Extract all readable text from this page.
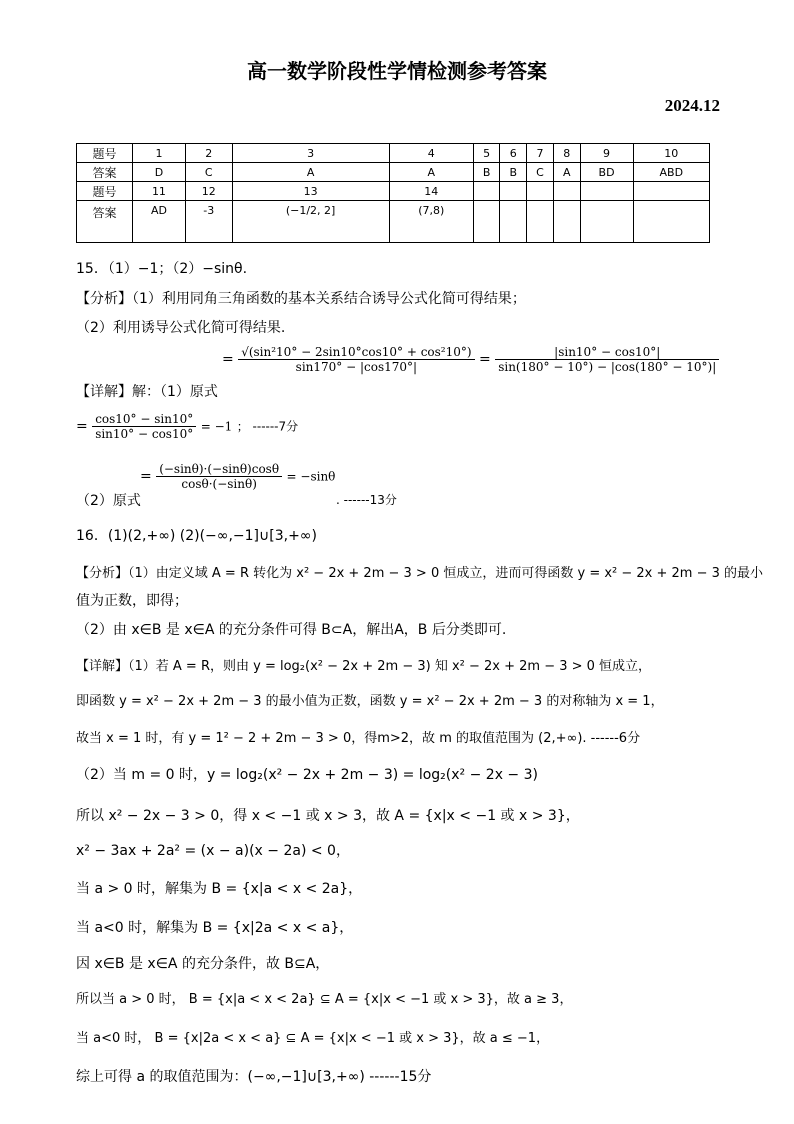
高一数学阶段性学情检测参考答案
2024.12
题号	1	2	3	4	5	6	7	8	9	10
答案	D	C	A	A	B	B	C	A	BD	ABD
题号	11	12	13	14						
答案	AD	-3	(−1/2, 2]	(7,8)						
15．（1）−1；（2）−sinθ.
【分析】（1）利用同角三角函数的基本关系结合诱导公式化简可得结果；
（2）利用诱导公式化简可得结果.
【详解】解：（1）原式
= $\frac{\text{√(sin²10° − 2sin10°cos10° + cos²10°)}}{\sin 170^\circ - |\cos 170^\circ|} = \frac{|\sin 10^\circ - \cos 10^\circ|}{\sin(180^\circ - 10^\circ) - |\cos(180^\circ - 10^\circ)|}$
= $\frac{\cos 10^\circ - \sin 10^\circ}{\sin 10^\circ - \cos 10^\circ} = -1$ ； ------7分
（2）原式
= $\frac{(-\sin\theta)\cdot(-\sin\theta)\cos\theta}{\cos\theta\cdot(-\sin\theta)} = -\sin\theta$
. ------13分
16．(1)(2,+∞) (2)(−∞,−1]∪[3,+∞)
【分析】（1）由定义域 A = R 转化为 x² − 2x + 2m − 3 > 0 恒成立，进而可得函数 y = x² − 2x + 2m − 3 的最小
值为正数，即得；
（2）由 x∈B 是 x∈A 的充分条件可得 B⊂A，解出A，B 后分类即可.
【详解】（1）若 A = R，则由 y = log₂(x² − 2x + 2m − 3) 知 x² − 2x + 2m − 3 > 0 恒成立，
即函数 y = x² − 2x + 2m − 3 的最小值为正数，函数 y = x² − 2x + 2m − 3 的对称轴为 x = 1，
故当 x = 1 时，有 y = 1² − 2 + 2m − 3 > 0，得m>2，故 m 的取值范围为 (2,+∞). ------6分
（2）当 m = 0 时，y = log₂(x² − 2x + 2m − 3) = log₂(x² − 2x − 3)
所以 x² − 2x − 3 > 0，得 x < −1 或 x > 3，故 A = {x|x < −1 或 x > 3}，
x² − 3ax + 2a² = (x − a)(x − 2a) < 0，
当 a > 0 时，解集为 B = {x|a < x < 2a}，
当 a<0 时，解集为 B = {x|2a < x < a}，
因 x∈B 是 x∈A 的充分条件，故 B⊆A，
所以当 a > 0 时， B = {x|a < x < 2a} ⊆ A = {x|x < −1 或 x > 3}，故 a ≥ 3，
当 a<0 时， B = {x|2a < x < a} ⊆ A = {x|x < −1 或 x > 3}，故 a ≤ −1，
综上可得 a 的取值范围为：(−∞,−1]∪[3,+∞) ------15分
